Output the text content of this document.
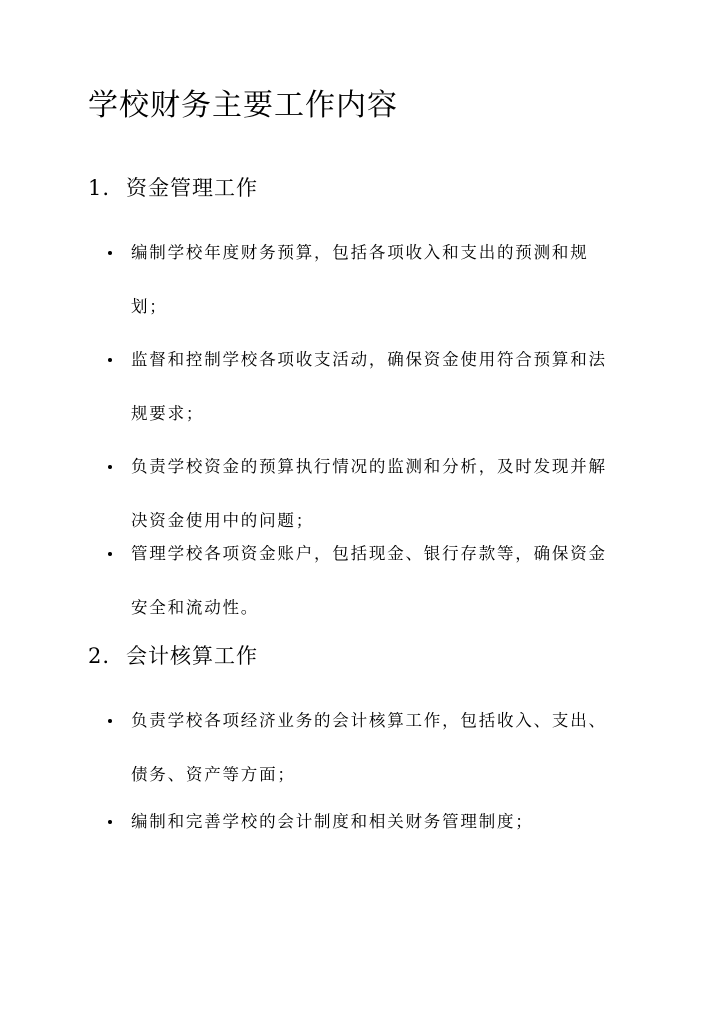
学校财务主要工作内容
1. 资金管理工作
编制学校年度财务预算，包括各项收入和支出的预测和规划；
监督和控制学校各项收支活动，确保资金使用符合预算和法规要求；
负责学校资金的预算执行情况的监测和分析，及时发现并解决资金使用中的问题；
管理学校各项资金账户，包括现金、银行存款等，确保资金安全和流动性。
2. 会计核算工作
负责学校各项经济业务的会计核算工作，包括收入、支出、债务、资产等方面；
编制和完善学校的会计制度和相关财务管理制度；
